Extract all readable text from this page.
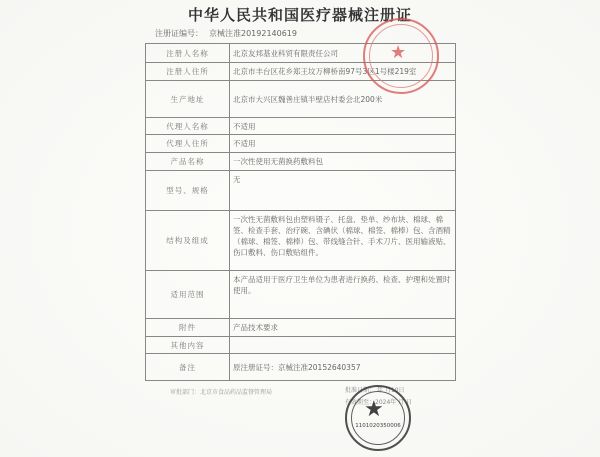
中华人民共和国医疗器械注册证
注册证编号： 京械注准20192140619
注册人名称	北京友邦基业科贸有限责任公司
注册人住所	北京市丰台区花乡郑王坟万柳桥南97号3区1号楼219室
生产地址	北京市大兴区魏善庄镇半壁店村委会北200米
代理人名称	不适用
代理人住所	不适用
产品名称	一次性使用无菌换药敷料包
型号、规格	无
结构及组成	一次性无菌敷料包由塑料镊子、托盘、垫单、纱布块、棉球、棉签、检查手套、治疗碗、含碘伏（棉球、棉签、棉棒）包、含酒精（棉球、棉签、棉棒）包、带线缝合针、手术刀片、医用输液贴、伤口敷料、伤口敷贴组件。
适用范围	本产品适用于医疗卫生单位为患者进行换药、检查、护理和处置时使用。
附件	产品技术要求
其他内容	
备注	原注册证号：京械注准20152640357
审批部门：北京市食品药品监督管理局	批准日期： 年 月10日
有效期至：2024年 月 日
★
★
1101020350006
